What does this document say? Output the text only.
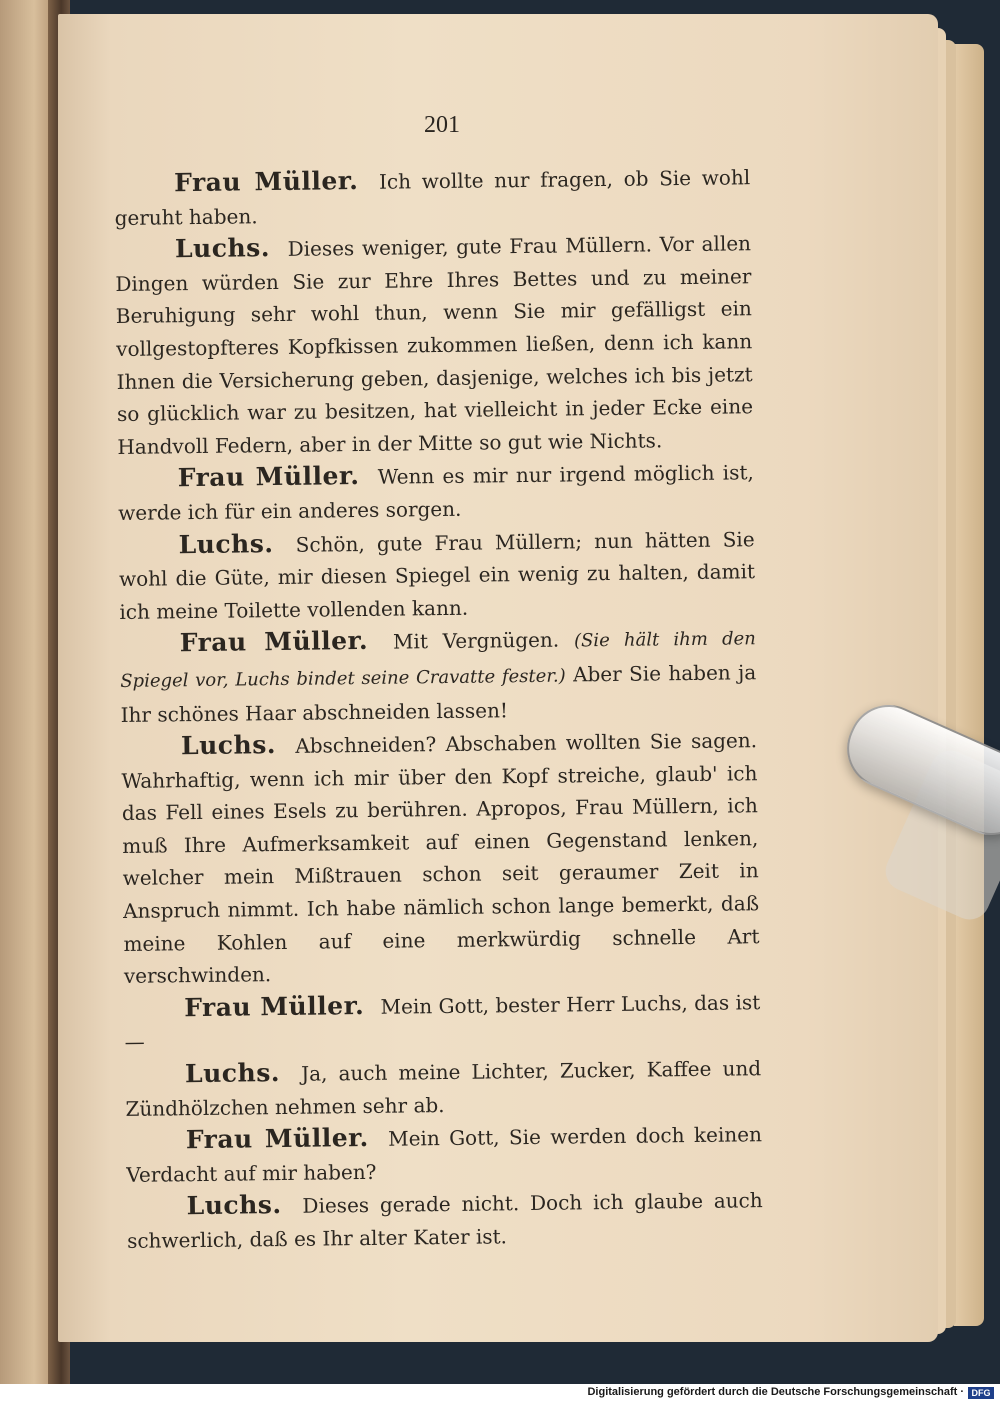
201

Frau Müller. Ich wollte nur fragen, ob Sie wohl geruht haben.

Luchs. Dieses weniger, gute Frau Müllern. Vor allen Dingen würden Sie zur Ehre Ihres Bettes und zu meiner Beruhigung sehr wohl thun, wenn Sie mir gefälligst ein vollgestopfteres Kopfkissen zukommen ließen, denn ich kann Ihnen die Versicherung geben, dasjenige, welches ich bis jetzt so glücklich war zu besitzen, hat vielleicht in jeder Ecke eine Handvoll Federn, aber in der Mitte so gut wie Nichts.

Frau Müller. Wenn es mir nur irgend möglich ist, werde ich für ein anderes sorgen.

Luchs. Schön, gute Frau Müllern; nun hätten Sie wohl die Güte, mir diesen Spiegel ein wenig zu halten, damit ich meine Toilette vollenden kann.

Frau Müller. Mit Vergnügen. (Sie hält ihm den Spiegel vor, Luchs bindet seine Cravatte fester.) Aber Sie haben ja Ihr schönes Haar abschneiden lassen!

Luchs. Abschneiden? Abschaben wollten Sie sagen. Wahrhaftig, wenn ich mir über den Kopf streiche, glaub' ich das Fell eines Esels zu berühren. Apropos, Frau Müllern, ich muß Ihre Aufmerksamkeit auf einen Gegenstand lenken, welcher mein Mißtrauen schon seit geraumer Zeit in Anspruch nimmt. Ich habe nämlich schon lange bemerkt, daß meine Kohlen auf eine merkwürdig schnelle Art verschwinden.

Frau Müller. Mein Gott, bester Herr Luchs, das ist —

Luchs. Ja, auch meine Lichter, Zucker, Kaffee und Zündhölzchen nehmen sehr ab.

Frau Müller. Mein Gott, Sie werden doch keinen Verdacht auf mir haben?

Luchs. Dieses gerade nicht. Doch ich glaube auch schwerlich, daß es Ihr alter Kater ist.

Digitalisierung gefördert durch die Deutsche Forschungsgemeinschaft · DFG
